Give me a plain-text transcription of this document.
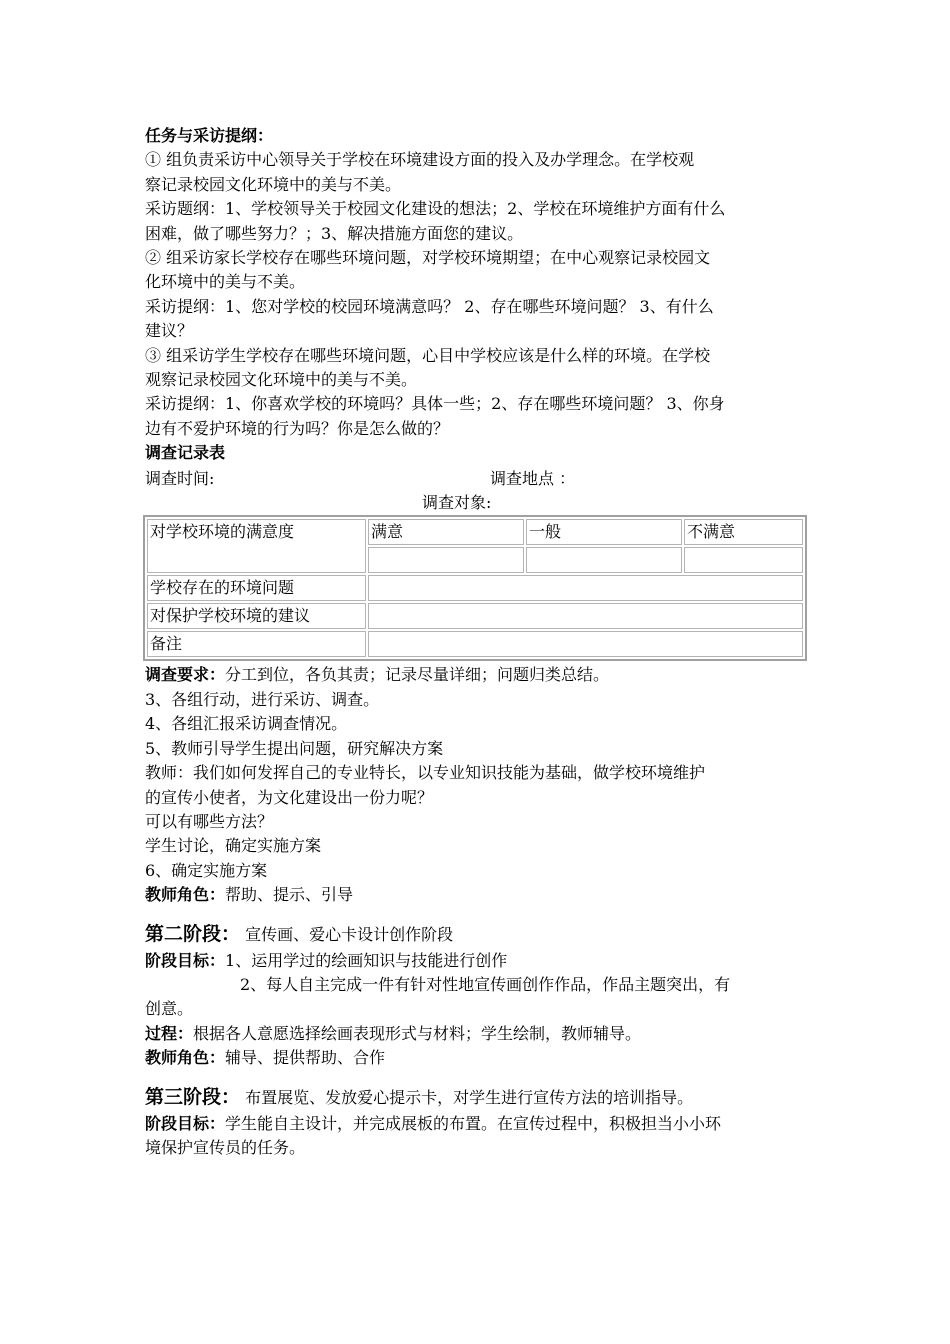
任务与采访提纲：

① 组负责采访中心领导关于学校在环境建设方面的投入及办学理念。在学校观

察记录校园文化环境中的美与不美。

采访题纲：1、学校领导关于校园文化建设的想法；2、学校在环境维护方面有什么

困难，做了哪些努力？；3、解决措施方面您的建议。

② 组采访家长学校存在哪些环境问题，对学校环境期望；在中心观察记录校园文

化环境中的美与不美。

采访提纲：1、您对学校的校园环境满意吗？ 2、存在哪些环境问题？ 3、有什么

建议？

③ 组采访学生学校存在哪些环境问题，心目中学校应该是什么样的环境。在学校

观察记录校园文化环境中的美与不美。

采访提纲：1、你喜欢学校的环境吗？具体一些；2、存在哪些环境问题？ 3、你身

边有不爱护环境的行为吗？你是怎么做的？

调查记录表

调查时间:	调查地点 ：
调查对象:
对学校环境的满意度	满意	一般	不满意

学校存在的环境问题			
对保护学校环境的建议			
备注			

调查要求：分工到位，各负其责；记录尽量详细；问题归类总结。

3、各组行动，进行采访、调查。

4、各组汇报采访调查情况。

5、教师引导学生提出问题，研究解决方案

教师：我们如何发挥自己的专业特长，以专业知识技能为基础，做学校环境维护

的宣传小使者，为文化建设出一份力呢？

可以有哪些方法？

学生讨论，确定实施方案

6、确定实施方案

教师角色：帮助、提示、引导

第二阶段： 宣传画、爱心卡设计创作阶段

阶段目标：1、运用学过的绘画知识与技能进行创作

2、每人自主完成一件有针对性地宣传画创作作品，作品主题突出，有

创意。

过程：根据各人意愿选择绘画表现形式与材料；学生绘制，教师辅导。

教师角色：辅导、提供帮助、合作

第三阶段： 布置展览、发放爱心提示卡，对学生进行宣传方法的培训指导。

阶段目标：学生能自主设计，并完成展板的布置。在宣传过程中，积极担当小小环

境保护宣传员的任务。
